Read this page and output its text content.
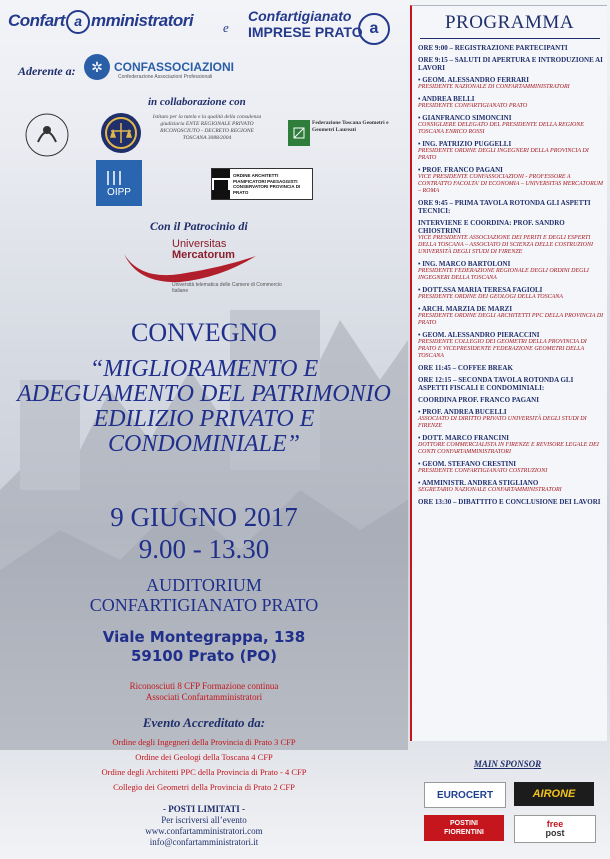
Confart a mministratori e
Confartigianato
IMPRESE PRATO a
Aderente a:	✲ CONFASSOCIAZIONI
Confederazione Associazioni Professionali
in collaborazione con
Istituto per la tutela e la qualità della consulenza giudiziaria ENTE REGIONALE PRIVATO RICONOSCIUTO - DECRETO REGIONE TOSCANA 3088/2004
Federazione Toscana Geometri e Geometri Laureati
OIPP
ORDINE ARCHITETTI PIANIFICATORI PAESAGGISTI CONSERVATORI PROVINCIA DI PRATO
Con il Patrocinio di
Universitas
Mercatorum
Università telematica delle Camere di Commercio Italiane
CONVEGNO
“MIGLIORAMENTO E ADEGUAMENTO DEL PATRIMONIO EDILIZIO PRIVATO E CONDOMINIALE”
9 GIUGNO 2017
9.00 - 13.30
AUDITORIUM
CONFARTIGIANATO PRATO
Viale Montegrappa, 138
59100 Prato (PO)
Riconosciuti 8 CFP Formazione continua
Associati Confartamministratori
Evento Accreditato da:
Ordine degli Ingegneri della Provincia di Prato 3 CFP
Ordine dei Geologi della Toscana 4 CFP
Ordine degli Architetti PPC della Provincia di Prato - 4 CFP
Collegio dei Geometri della Provincia di Prato 2 CFP
- POSTI LIMITATI -
Per iscriversi all’evento
www.confartamministratori.com
info@confartamministratori.it
PROGRAMMA
ORE 9:00 – REGISTRAZIONE PARTECIPANTI
ORE 9:15 – SALUTI DI APERTURA E INTRODUZIONE AI LAVORI
• GEOM. ALESSANDRO FERRARI
PRESIDENTE NAZIONALE DI CONFARTAMMINISTRATORI
• ANDREA BELLI
PRESIDENTE CONFARTIGIANATO PRATO
• GIANFRANCO SIMONCINI
CONSIGLIERE DELEGATO DEL PRESIDENTE DELLA REGIONE TOSCANA ENRICO ROSSI
• ING. PATRIZIO PUGGELLI
PRESIDENTE ORDINE DEGLI INGEGNERI DELLA PROVINCIA DI PRATO
• PROF. FRANCO PAGANI
VICE PRESIDENTE CONFASSOCIAZIONI - PROFESSORE A CONTRATTO FACOLTA' DI ECONOMIA – UNIVERSITAS MERCATORUM – ROMA
ORE 9:45 – PRIMA TAVOLA ROTONDA GLI ASPETTI TECNICI:
INTERVIENE E COORDINA: PROF. SANDRO CHIOSTRINI
VICE PRESIDENTE ASSOCIAZIONE DEI PERITI E DEGLI ESPERTI DELLA TOSCANA – ASSOCIATO DI SCIENZA DELLE COSTRUZIONI UNIVERSITÀ DEGLI STUDI DI FIRENZE
• ING. MARCO BARTOLONI
PRESIDENTE FEDERAZIONE REGIONALE DEGLI ORDINI DEGLI INGEGNERI DELLA TOSCANA
• DOTT.SSA MARIA TERESA FAGIOLI
PRESIDENTE ORDINE DEI GEOLOGI DELLA TOSCANA
• ARCH. MARZIA DE MARZI
PRESIDENTE ORDINE DEGLI ARCHITETTI PPC DELLA PROVINCIA DI PRATO
• GEOM. ALESSANDRO PIERACCINI
PRESIDENTE COLLEGIO DEI GEOMETRI DELLA PROVINCIA DI PRATO E VICEPRESIDENTE FEDERAZIONE GEOMETRI DELLA TOSCANA
ORE 11:45 – COFFEE BREAK
ORE 12:15 – SECONDA TAVOLA ROTONDA GLI ASPETTI FISCALI E CONDOMINIALI:
COORDINA PROF. FRANCO PAGANI
• PROF. ANDREA BUCELLI
ASSOCIATO DI DIRITTO PRIVATO UNIVERSITÀ DEGLI STUDI DI FIRENZE
• DOTT. MARCO FRANCINI
DOTTORE COMMERCIALISTA IN FIRENZE E REVISORE LEGALE DEI CONTI CONFARTAMMINISTRATORI
• GEOM. STEFANO CRESTINI
PRESIDENTE CONFARTIGIANATO COSTRUZIONI
• AMMINISTR. ANDREA STIGLIANO
SEGRETARIO NAZIONALE CONFARTAMMINISTRATORI
ORE 13:30 – DIBATTITO E CONCLUSIONE DEI LAVORI
MAIN SPONSOR
EUROCERT	AIRONE
POSTINI
FIORENTINI
free
post
